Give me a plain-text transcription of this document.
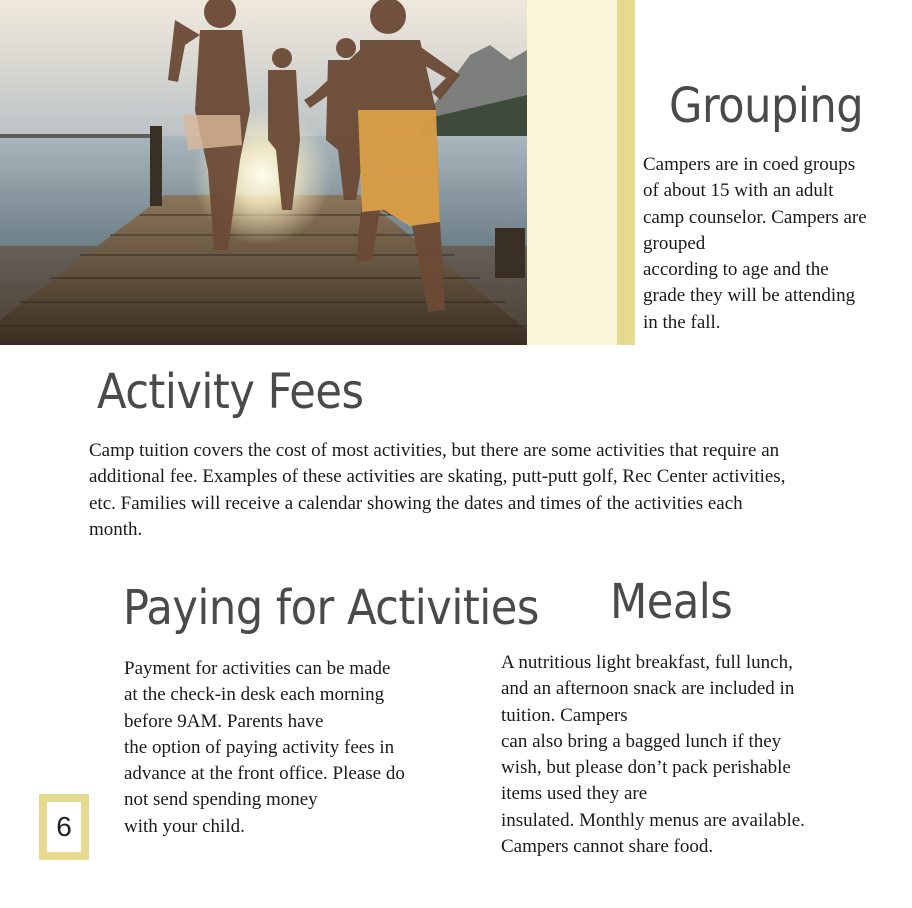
Grouping
Campers are in coed groups
of about 15 with an adult
camp counselor. Campers are
grouped
according to age and the
grade they will be attending
in the fall.
Activity Fees
Camp tuition covers the cost of most activities, but there are some activities that require an
additional fee. Examples of these activities are skating, putt-putt golf, Rec Center activities,
etc. Families will receive a calendar showing the dates and times of the activities each
month.
Paying for Activities
Payment for activities can be made
at the check-in desk each morning
before 9AM. Parents have
the option of paying activity fees in
advance at the front office. Please do
not send spending money
with your child.
Meals
A nutritious light breakfast, full lunch,
and an afternoon snack are included in
tuition. Campers
can also bring a bagged lunch if they
wish, but please don’t pack perishable
items used they are
insulated. Monthly menus are available.
Campers cannot share food.
6
